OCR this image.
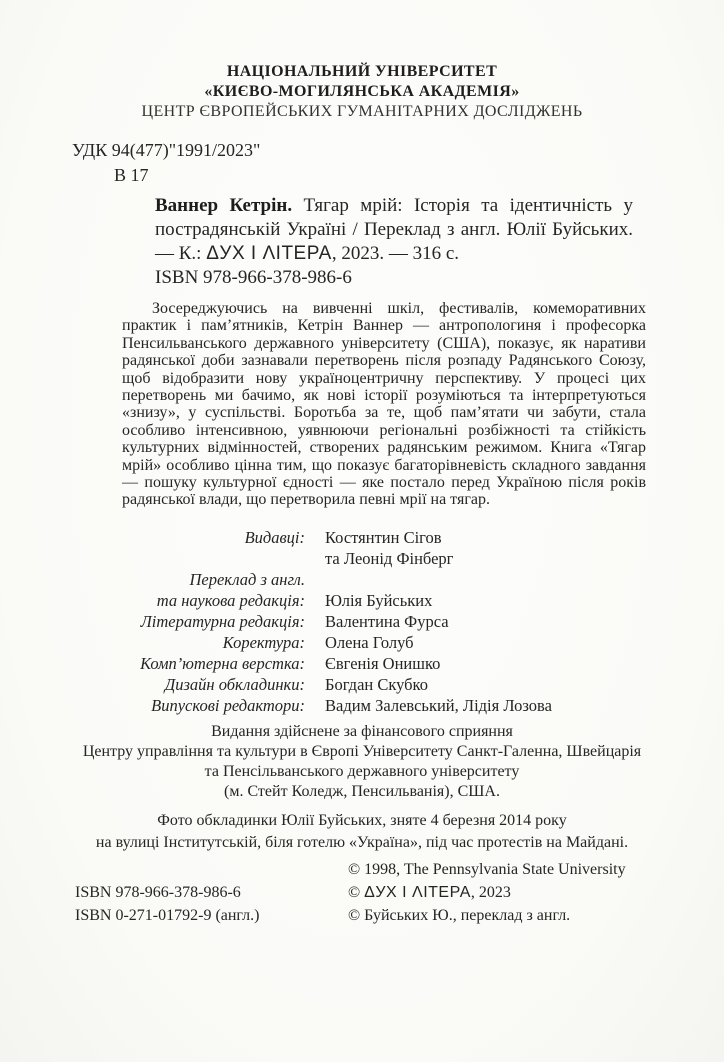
НАЦІОНАЛЬНИЙ УНІВЕРСИТЕТ
«КИЄВО-МОГИЛЯНСЬКА АКАДЕМІЯ»
ЦЕНТР ЄВРОПЕЙСЬКИХ ГУМАНІТАРНИХ ДОСЛІДЖЕНЬ
УДК 94(477)"1991/2023"
В 17

Ваннер Кетрін. Тягар мрій: Історія та ідентичність у пострадянській Україні / Переклад з англ. Юлії Буйських. — К.: ΔУХ І ΛІТЕРА, 2023. — 316 с.

ISBN 978-966-378-986-6

Зосереджуючись на вивченні шкіл, фестивалів, комеморативних практик і пам’ятників, Кетрін Ваннер — антропологиня і професорка Пенсильванського державного університету (США), показує, як наративи радянської доби зазнавали перетворень після розпаду Радянського Союзу, щоб відобразити нову україноцентричну перспективу. У процесі цих перетворень ми бачимо, як нові історії розуміються та інтерпретуються «знизу», у суспільстві. Боротьба за те, щоб пам’ятати чи забути, стала особливо інтенсивною, уявнюючи регіональні розбіжності та стійкість культурних відмінностей, створених радянським режимом. Книга «Тягар мрій» особливо цінна тим, що показує багаторівневість складного завдання — пошуку культурної єдності — яке постало перед Україною після років радянської влади, що перетворила певні мрії на тягар.

Видавці: Костянтин Сігов
та Леонід Фінберг
Переклад з англ.
та наукова редакція: Юлія Буйських
Літературна редакція: Валентина Фурса
Коректура: Олена Голуб
Комп’ютерна верстка: Євгенія Онишко
Дизайн обкладинки: Богдан Скубко
Випускові редактори: Вадим Залевський, Лідія Лозова
Видання здійснене за фінансового сприяння
Центру управління та культури в Європі Університету Санкт-Галенна, Швейцарія
та Пенсільванського державного університету
(м. Стейт Коледж, Пенсильванія), США.
Фото обкладинки Юлії Буйських, зняте 4 березня 2014 року
на вулиці Інститутській, біля готелю «Україна», під час протестів на Майдані.
ISBN 978-966-378-986-6
ISBN 0-271-01792-9 (англ.)
© 1998, The Pennsylvania State University
© ΔУХ І ΛІТЕРА, 2023
© Буйських Ю., переклад з англ.
